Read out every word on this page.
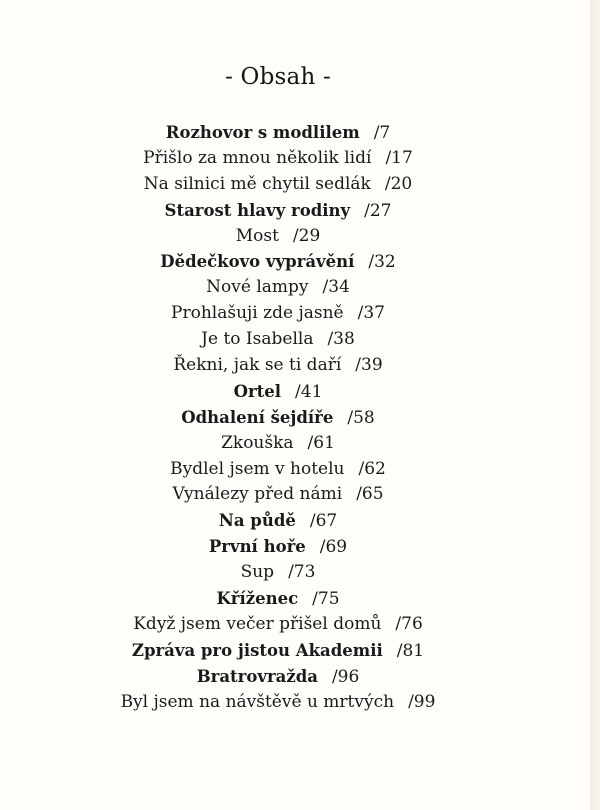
- Obsah -
Rozhovor s modlilem /7
Přišlo za mnou několik lidí /17
Na silnici mě chytil sedlák /20
Starost hlavy rodiny /27
Most /29
Dědečkovo vyprávění /32
Nové lampy /34
Prohlašuji zde jasně /37
Je to Isabella /38
Řekni, jak se ti daří /39
Ortel /41
Odhalení šejdíře /58
Zkouška /61
Bydlel jsem v hotelu /62
Vynálezy před námi /65
Na půdě /67
První hoře /69
Sup /73
Kříženec /75
Když jsem večer přišel domů /76
Zpráva pro jistou Akademii /81
Bratrovražda /96
Byl jsem na návštěvě u mrtvých /99
